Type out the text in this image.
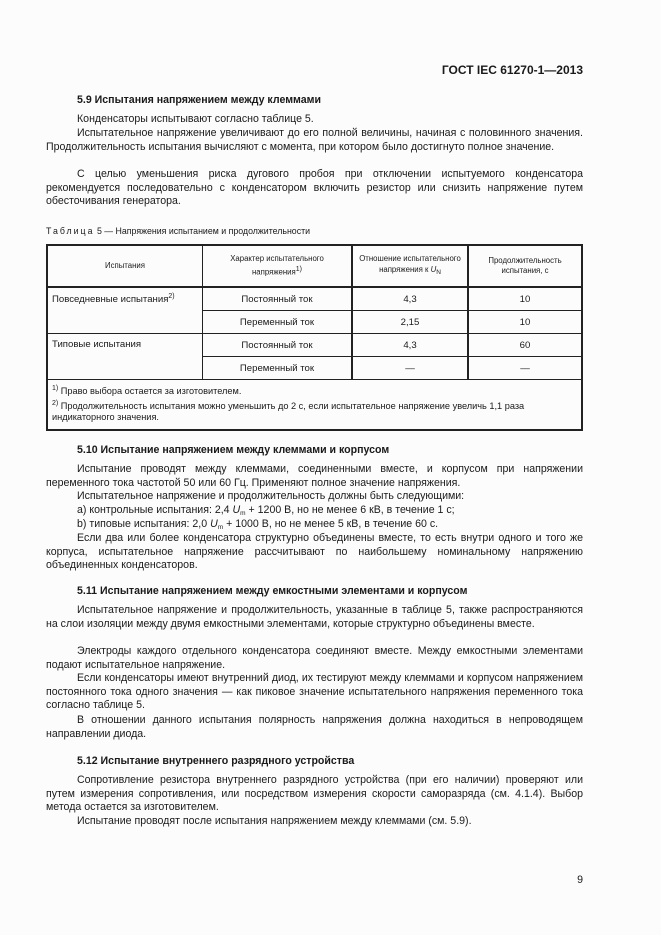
ГОСТ IEC 61270-1—2013
5.9 Испытания напряжением между клеммами
Конденсаторы испытывают согласно таблице 5.
Испытательное напряжение увеличивают до его полной величины, начиная с половинного значения. Продолжительность испытания вычисляют с момента, при котором было достигнуто полное значение.
С целью уменьшения риска дугового пробоя при отключении испытуемого конденсатора рекомендуется последовательно с конденсатором включить резистор или снизить напряжение путем обесточивания генератора.
Таблица 5 — Напряжения испытанием и продолжительности
Испытания	Характер испытательного напряжения$^{1)}$	Отношение испытательного напряжения к $U_N$	Продолжительность испытания, с
Повседневные испытания$^{2)}$	Постоянный ток	4,3	10
	Переменный ток	2,15	10
Типовые испытания	Постоянный ток	4,3	60
	Переменный ток	—	—

$^{1)}$ Право выбора остается за изготовителем.
$^{2)}$ Продолжительность испытания можно уменьшить до 2 с, если испытательное напряжение увеличь 1,1 раза индикаторного значения.			
5.10 Испытание напряжением между клеммами и корпусом
Испытание проводят между клеммами, соединенными вместе, и корпусом при напряжении переменного тока частотой 50 или 60 Гц. Применяют полное значение напряжения.
Испытательное напряжение и продолжительность должны быть следующими:
a) контрольные испытания: 2,4 $U_m + 1200$ В, но не менее 6 кВ, в течение 1 с;
b) типовые испытания: 2,0 $U_m + 1000$ В, но не менее 5 кВ, в течение 60 с.
Если два или более конденсатора структурно объединены вместе, то есть внутри одного и того же корпуса, испытательное напряжение рассчитывают по наибольшему номинальному напряжению объединенных конденсаторов.
5.11 Испытание напряжением между емкостными элементами и корпусом
Испытательное напряжение и продолжительность, указанные в таблице 5, также распространяются на слои изоляции между двумя емкостными элементами, которые структурно объединены вместе.
Электроды каждого отдельного конденсатора соединяют вместе. Между емкостными элементами подают испытательное напряжение.
Если конденсаторы имеют внутренний диод, их тестируют между клеммами и корпусом напряжением постоянного тока одного значения — как пиковое значение испытательного напряжения переменного тока согласно таблице 5.
В отношении данного испытания полярность напряжения должна находиться в непроводящем направлении диода.
5.12 Испытание внутреннего разрядного устройства
Сопротивление резистора внутреннего разрядного устройства (при его наличии) проверяют или путем измерения сопротивления, или посредством измерения скорости саморазряда (см. 4.1.4). Выбор метода остается за изготовителем.
Испытание проводят после испытания напряжением между клеммами (см. 5.9).
9
